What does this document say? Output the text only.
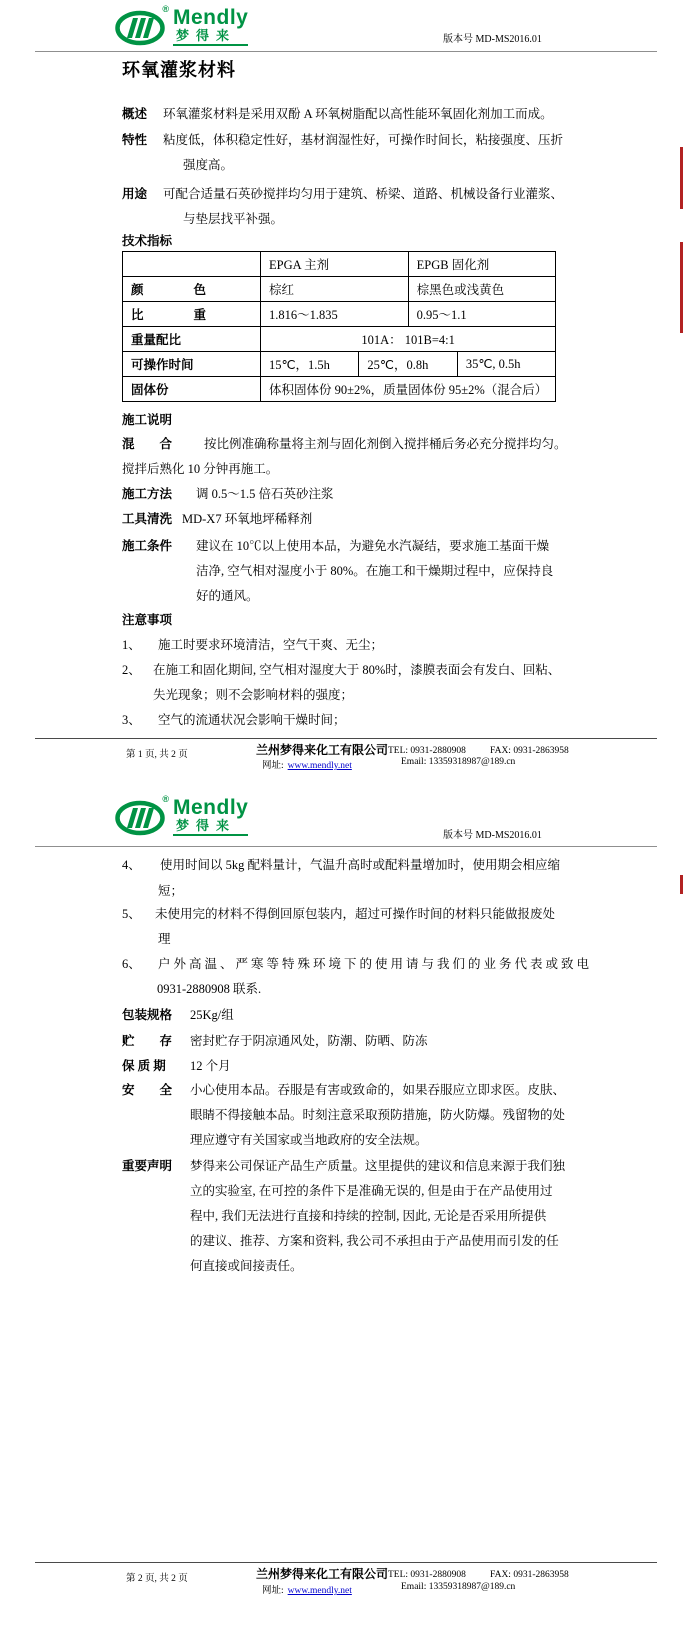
® Mendly
梦得来	版本号 MD-MS2016.01
环氧灌浆材料
概述 环氧灌浆材料是采用双酚 A 环氧树脂配以高性能环氧固化剂加工而成。
特性 粘度低，体积稳定性好，基材润湿性好，可操作时间长，粘接强度、压折
强度高。
用途 可配合适量石英砂搅拌均匀用于建筑、桥梁、道路、机械设备行业灌浆、
与垫层找平补强。
技术指标
	EPGA 主剂		EPGB 固化剂	
颜　　　　色	棕红		棕黑色或浅黄色	
比　　　　重	1.816～1.835		0.95～1.1	
重量配比	101A： 101B=4:1			
可操作时间	15℃，1.5h	25℃，0.8h		35℃, 0.5h
固体份	体积固体份 90±2%，质量固体份 95±2%（混合后）			
施工说明
混　　合	按比例准确称量将主剂与固化剂倒入搅拌桶后务必充分搅拌均匀。
搅拌后熟化 10 分钟再施工。
施工方法 调 0.5～1.5 倍石英砂注浆
工具清洗 MD-X7 环氧地坪稀释剂
施工条件 建议在 10℃以上使用本品，为避免水汽凝结，要求施工基面干燥
洁净, 空气相对湿度小于 80%。在施工和干燥期过程中，应保持良
好的通风。
注意事项
1、 施工时要求环境清洁，空气干爽、无尘；
2、 在施工和固化期间, 空气相对湿度大于 80%时，漆膜表面会有发白、回粘、
失光现象；则不会影响材料的强度；
3、 空气的流通状况会影响干燥时间；
第 1 页, 共 2 页	兰州梦得来化工有限公司 TEL: 0931-2880908	FAX: 0931-2863958
网址: www.mendly.net	Email: 13359318987@189.cn
® Mendly
梦得来
版本号 MD-MS2016.01
4、 使用时间以 5kg 配料量计，气温升高时或配料量增加时，使用期会相应缩
短；
5、 未使用完的材料不得倒回原包装内，超过可操作时间的材料只能做报废处
理
6、 户外高温、严寒等特殊环境下的使用请与我们的业务代表或致电
0931-2880908 联系.
包装规格 25Kg/组
贮　　存 密封贮存于阴凉通风处，防潮、防晒、防冻
保 质 期 12 个月
安　　全 小心使用本品。吞服是有害或致命的，如果吞服应立即求医。皮肤、
眼睛不得接触本品。时刻注意采取预防措施，防火防爆。残留物的处
理应遵守有关国家或当地政府的安全法规。
重要声明 梦得来公司保证产品生产质量。这里提供的建议和信息来源于我们独
立的实验室, 在可控的条件下是准确无误的, 但是由于在产品使用过
程中, 我们无法进行直接和持续的控制, 因此, 无论是否采用所提供
的建议、推荐、方案和资料, 我公司不承担由于产品使用而引发的任
何直接或间接责任。
第 2 页, 共 2 页	兰州梦得来化工有限公司 TEL: 0931-2880908	FAX: 0931-2863958
网址: www.mendly.net	Email: 13359318987@189.cn
